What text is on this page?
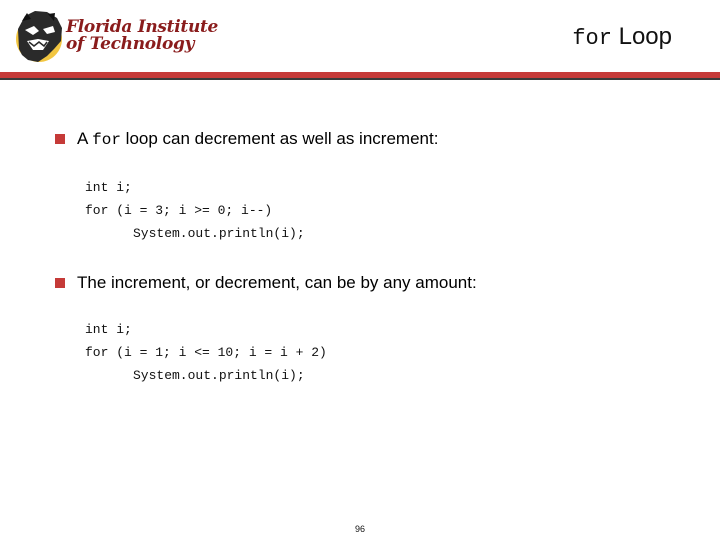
Florida Institute
of Technology	for Loop
A for loop can decrement as well as increment:
int i;
for (i = 3; i >= 0; i--)
System.out.println(i);
The increment, or decrement, can be by any amount:
int i;
for (i = 1; i <= 10; i = i + 2)
System.out.println(i);
96
